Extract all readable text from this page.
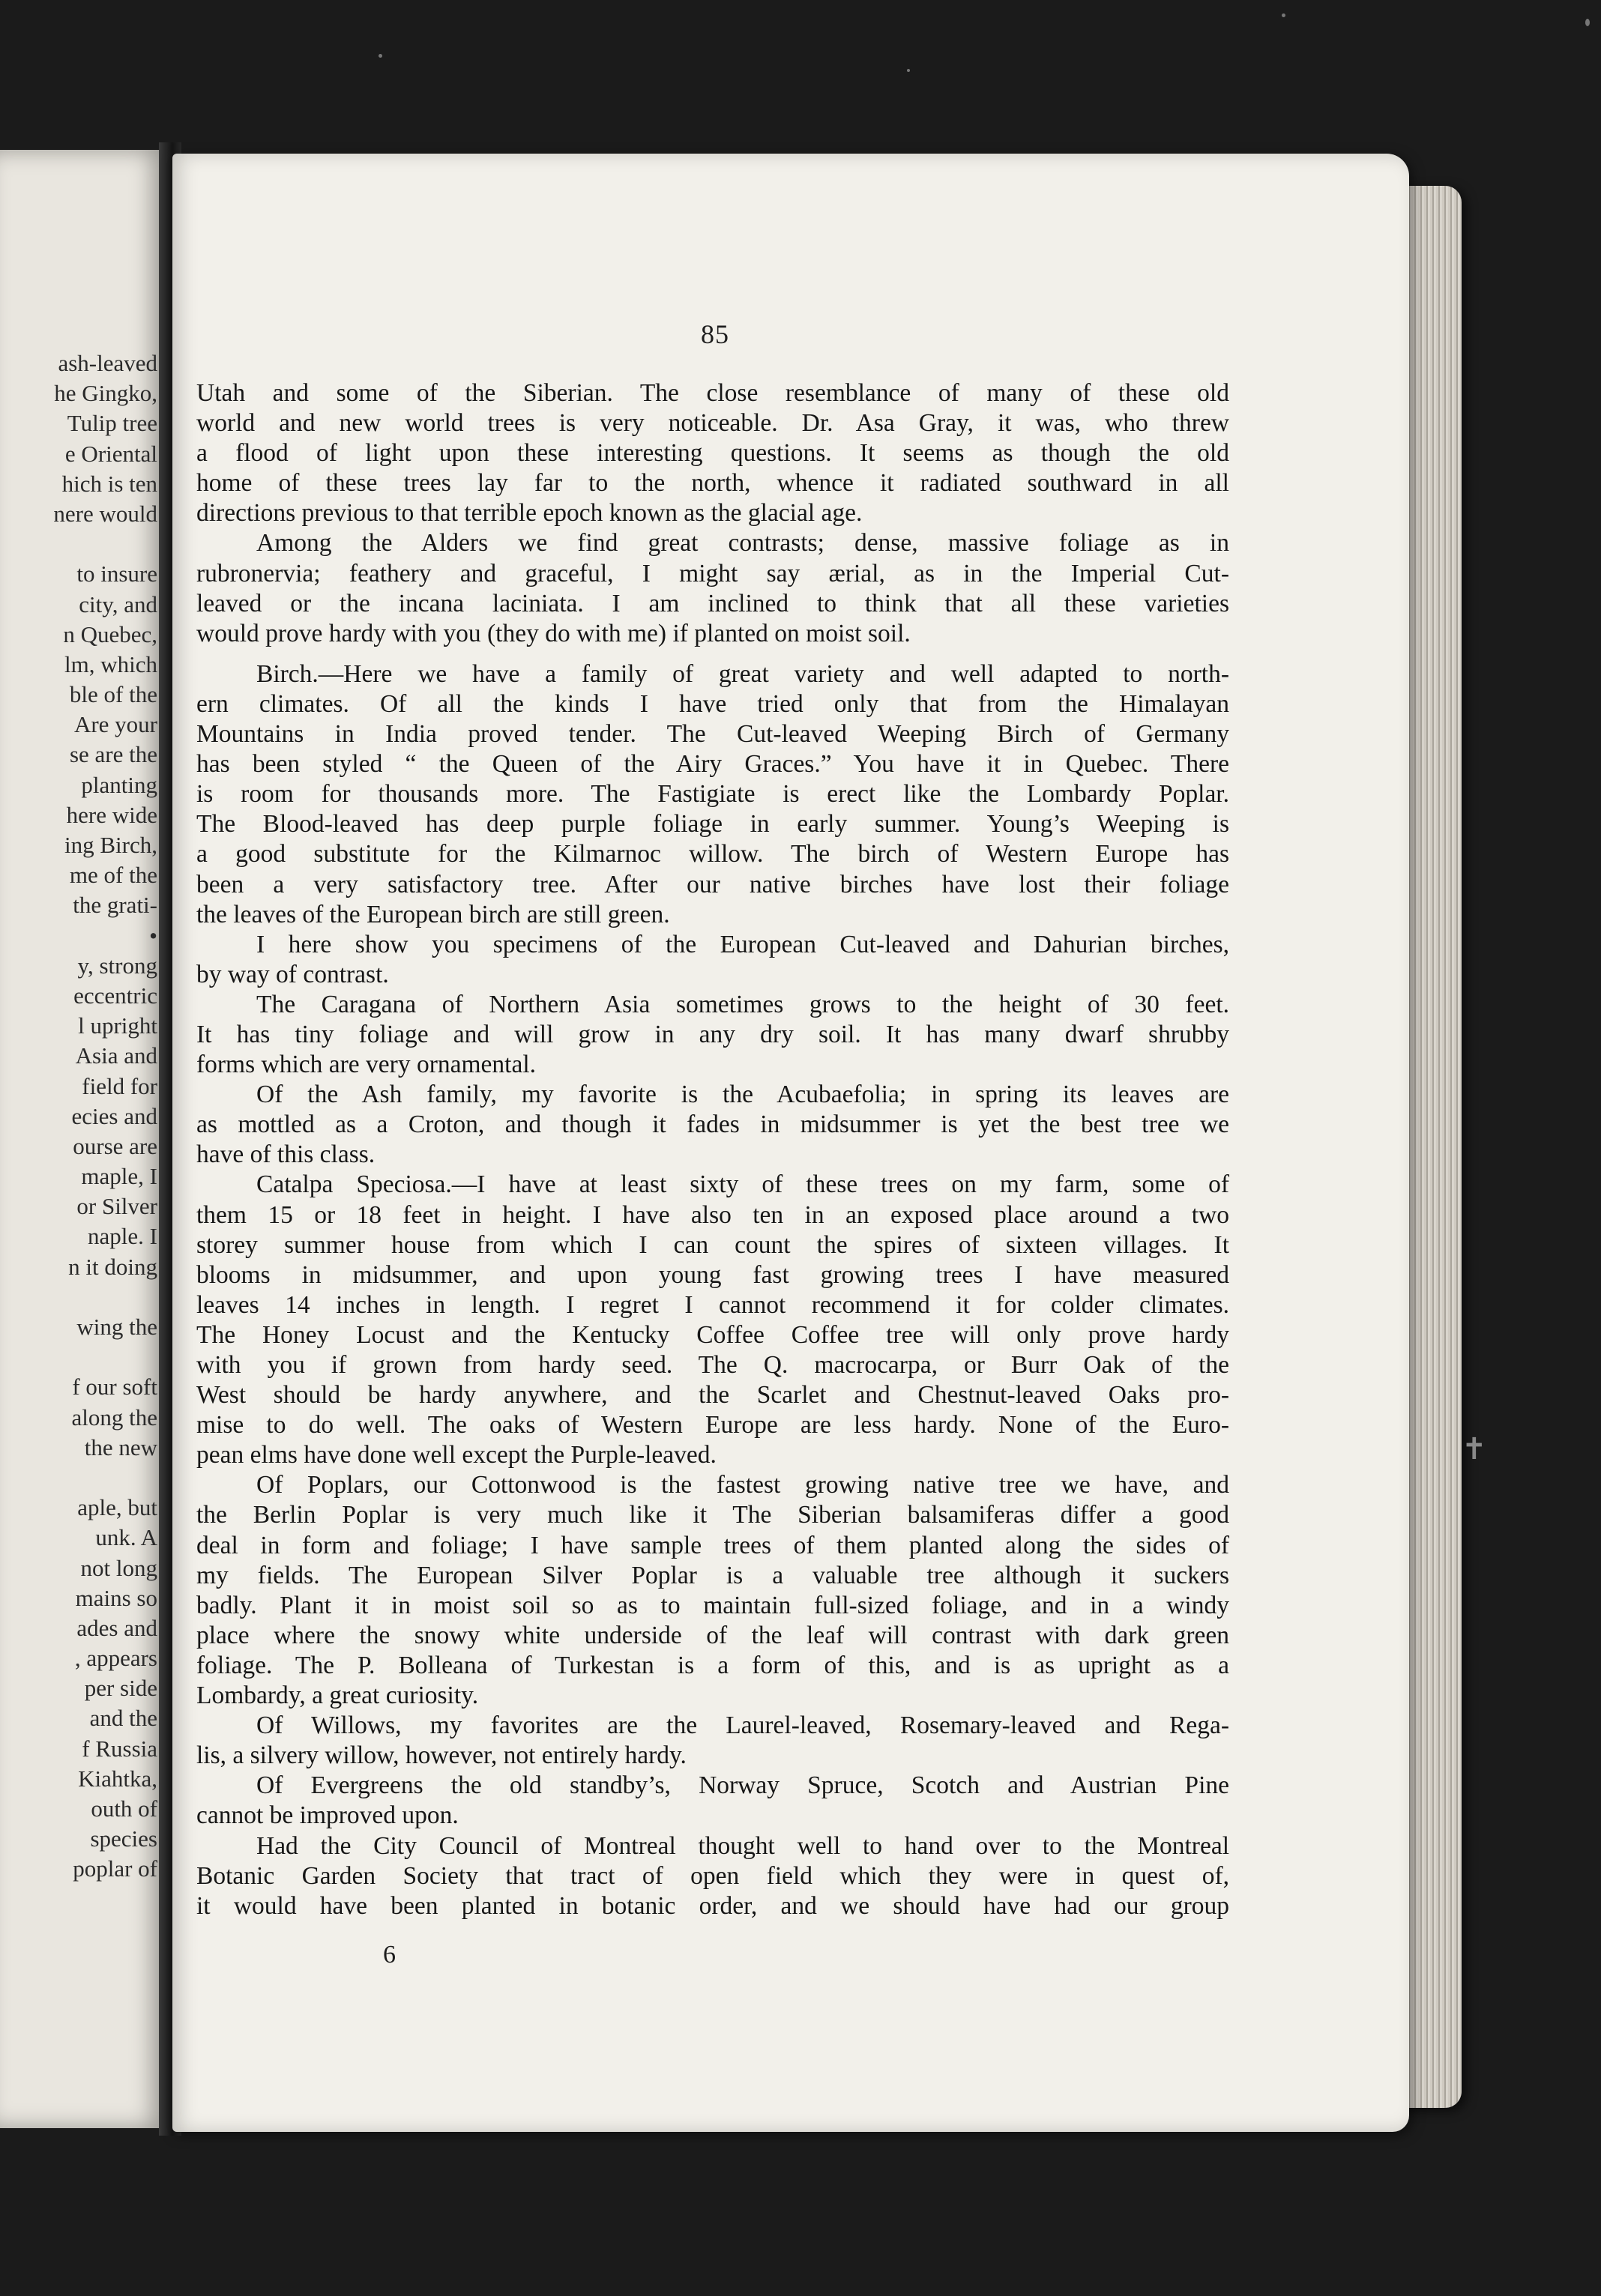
ash-leaved
he Gingko,
Tulip tree
e Oriental
hich is ten
nere would
to insure
city, and
n Quebec,
lm, which
ble of the
Are your
se are the
planting
here wide
ing Birch,
me of the
the grati-
•
y, strong
eccentric
l upright
Asia and
field for
ecies and
ourse are
maple, I
or Silver
naple. I
n it doing
wing the
f our soft
along the
the new
aple, but
unk. A
not long
mains so
ades and
, appears
per side
and the
f Russia
Kiahtka,
outh of
species
poplar of
85
Utah and some of the Siberian. The close resemblance of many of these old
world and new world trees is very noticeable. Dr. Asa Gray, it was, who threw
a flood of light upon these interesting questions. It seems as though the old
home of these trees lay far to the north, whence it radiated southward in all
directions previous to that terrible epoch known as the glacial age.
Among the Alders we find great contrasts; dense, massive foliage as in
rubronervia; feathery and graceful, I might say ærial, as in the Imperial Cut-
leaved or the incana laciniata. I am inclined to think that all these varieties
would prove hardy with you (they do with me) if planted on moist soil.
Birch.—Here we have a family of great variety and well adapted to north-
ern climates. Of all the kinds I have tried only that from the Himalayan
Mountains in India proved tender. The Cut-leaved Weeping Birch of Germany
has been styled “ the Queen of the Airy Graces.” You have it in Quebec. There
is room for thousands more. The Fastigiate is erect like the Lombardy Poplar.
The Blood-leaved has deep purple foliage in early summer. Young’s Weeping is
a good substitute for the Kilmarnoc willow. The birch of Western Europe has
been a very satisfactory tree. After our native birches have lost their foliage
the leaves of the European birch are still green.
I here show you specimens of the European Cut-leaved and Dahurian birches,
by way of contrast.
The Caragana of Northern Asia sometimes grows to the height of 30 feet.
It has tiny foliage and will grow in any dry soil. It has many dwarf shrubby
forms which are very ornamental.
Of the Ash family, my favorite is the Acubaefolia; in spring its leaves are
as mottled as a Croton, and though it fades in midsummer is yet the best tree we
have of this class.
Catalpa Speciosa.—I have at least sixty of these trees on my farm, some of
them 15 or 18 feet in height. I have also ten in an exposed place around a two
storey summer house from which I can count the spires of sixteen villages. It
blooms in midsummer, and upon young fast growing trees I have measured
leaves 14 inches in length. I regret I cannot recommend it for colder climates.
The Honey Locust and the Kentucky Coffee Coffee tree will only prove hardy
with you if grown from hardy seed. The Q. macrocarpa, or Burr Oak of the
West should be hardy anywhere, and the Scarlet and Chestnut-leaved Oaks pro-
mise to do well. The oaks of Western Europe are less hardy. None of the Euro-
pean elms have done well except the Purple-leaved.
Of Poplars, our Cottonwood is the fastest growing native tree we have, and
the Berlin Poplar is very much like it The Siberian balsamiferas differ a good
deal in form and foliage; I have sample trees of them planted along the sides of
my fields. The European Silver Poplar is a valuable tree although it suckers
badly. Plant it in moist soil so as to maintain full-sized foliage, and in a windy
place where the snowy white underside of the leaf will contrast with dark green
foliage. The P. Bolleana of Turkestan is a form of this, and is as upright as a
Lombardy, a great curiosity.
Of Willows, my favorites are the Laurel-leaved, Rosemary-leaved and Rega-
lis, a silvery willow, however, not entirely hardy.
Of Evergreens the old standby’s, Norway Spruce, Scotch and Austrian Pine
cannot be improved upon.
Had the City Council of Montreal thought well to hand over to the Montreal
Botanic Garden Society that tract of open field which they were in quest of,
it would have been planted in botanic order, and we should have had our group
6
✝
